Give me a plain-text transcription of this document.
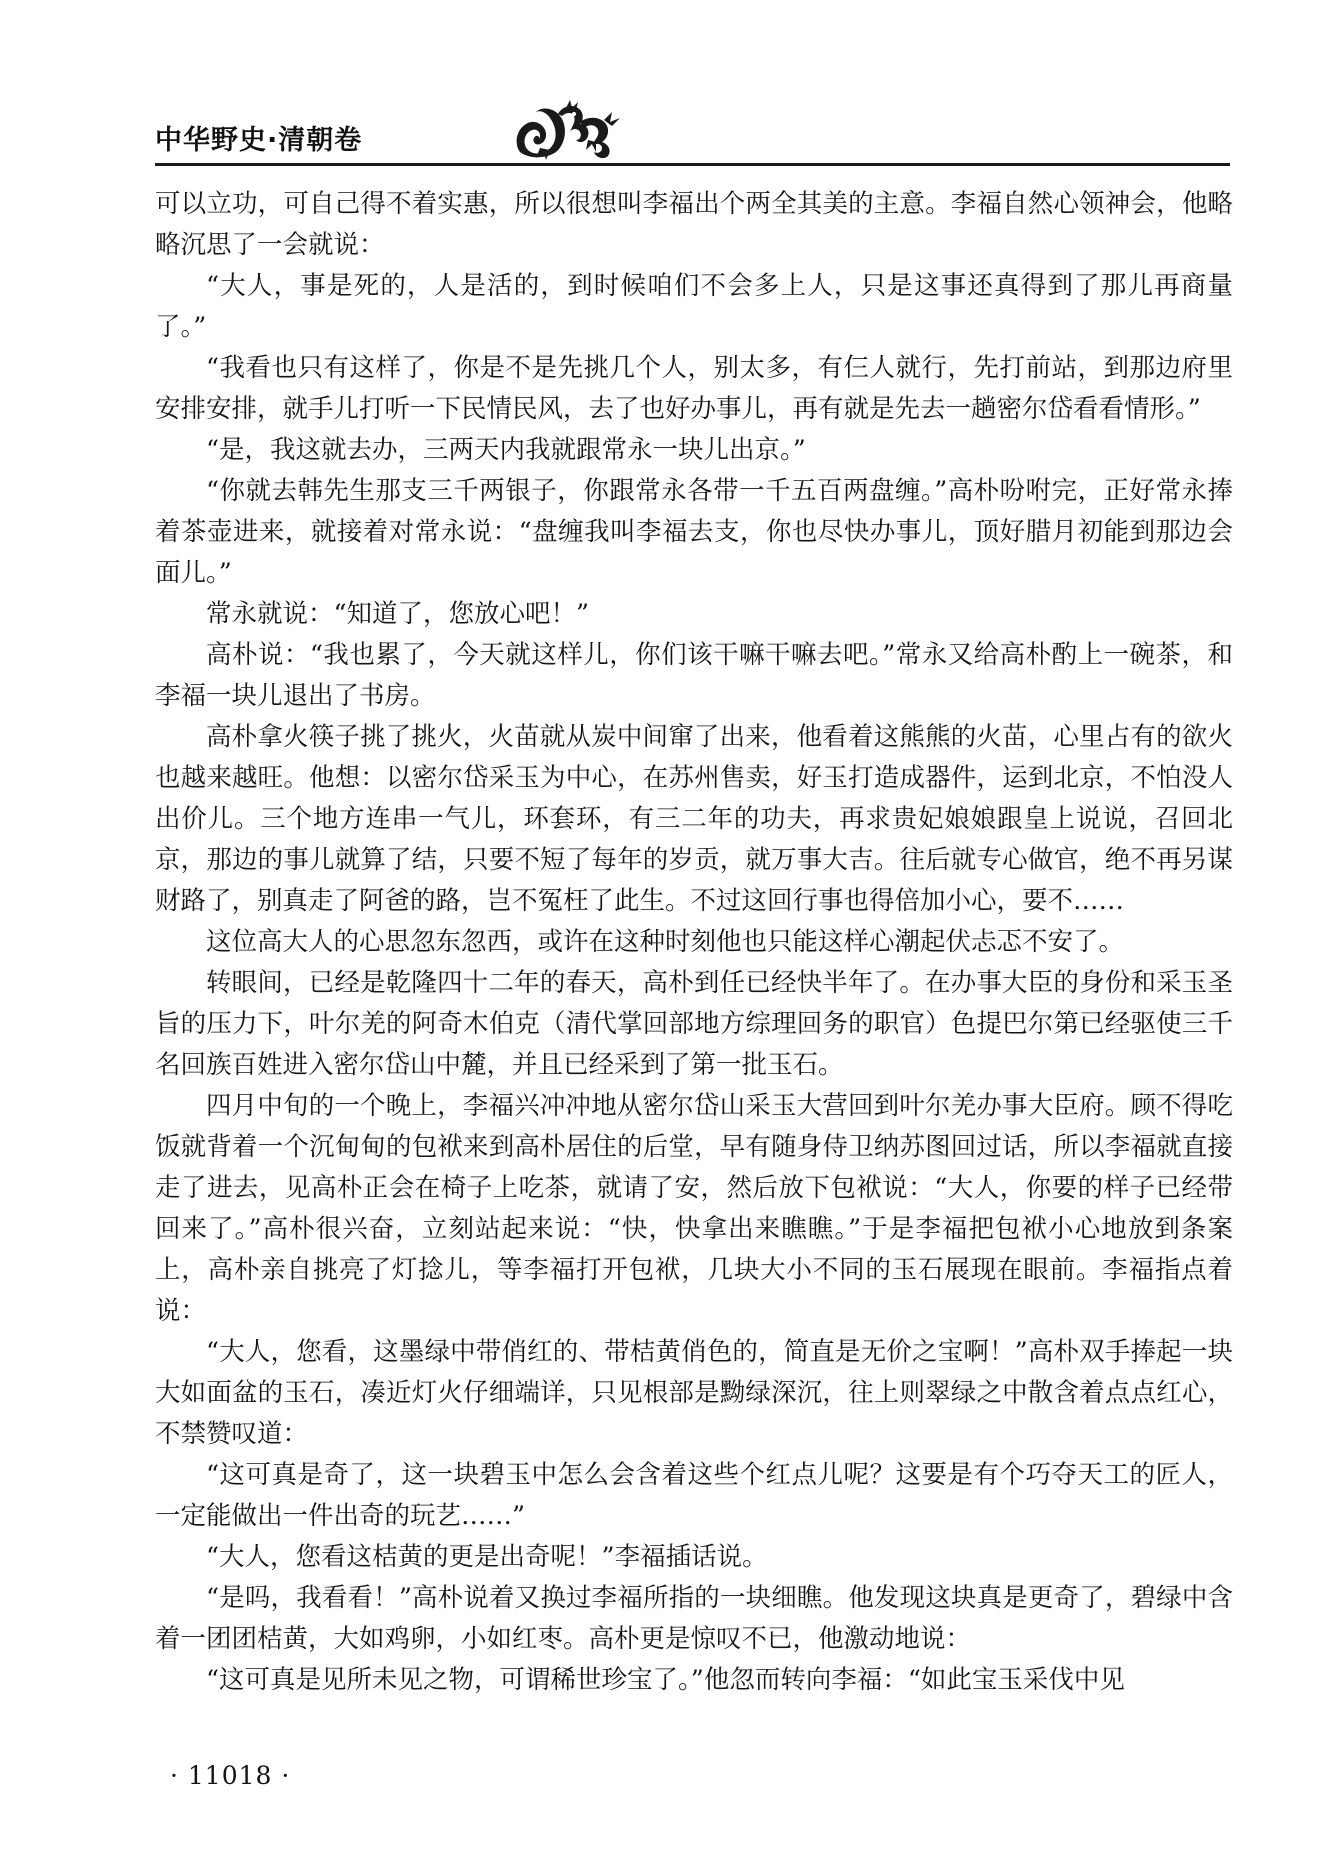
中华野史·清朝卷

可以立功，可自己得不着实惠，所以很想叫李福出个两全其美的主意。李福自然心领神会，他略略沉思了一会就说：

“大人，事是死的，人是活的，到时候咱们不会多上人，只是这事还真得到了那儿再商量了。”

“我看也只有这样了，你是不是先挑几个人，别太多，有仨人就行，先打前站，到那边府里安排安排，就手儿打听一下民情民风，去了也好办事儿，再有就是先去一趟密尔岱看看情形。”

“是，我这就去办，三两天内我就跟常永一块儿出京。”

“你就去韩先生那支三千两银子，你跟常永各带一千五百两盘缠。”高朴吩咐完，正好常永捧着茶壶进来，就接着对常永说：“盘缠我叫李福去支，你也尽快办事儿，顶好腊月初能到那边会面儿。”

常永就说：“知道了，您放心吧！”

高朴说：“我也累了，今天就这样儿，你们该干嘛干嘛去吧。”常永又给高朴酌上一碗茶，和李福一块儿退出了书房。

高朴拿火筷子挑了挑火，火苗就从炭中间窜了出来，他看着这熊熊的火苗，心里占有的欲火也越来越旺。他想：以密尔岱采玉为中心，在苏州售卖，好玉打造成器件，运到北京，不怕没人出价儿。三个地方连串一气儿，环套环，有三二年的功夫，再求贵妃娘娘跟皇上说说，召回北京，那边的事儿就算了结，只要不短了每年的岁贡，就万事大吉。往后就专心做官，绝不再另谋财路了，别真走了阿爸的路，岂不冤枉了此生。不过这回行事也得倍加小心，要不……

这位高大人的心思忽东忽西，或许在这种时刻他也只能这样心潮起伏忐忑不安了。

转眼间，已经是乾隆四十二年的春天，高朴到任已经快半年了。在办事大臣的身份和采玉圣旨的压力下，叶尔羌的阿奇木伯克（清代掌回部地方综理回务的职官）色提巴尔第已经驱使三千名回族百姓进入密尔岱山中麓，并且已经采到了第一批玉石。

四月中旬的一个晚上，李福兴冲冲地从密尔岱山采玉大营回到叶尔羌办事大臣府。顾不得吃饭就背着一个沉甸甸的包袱来到高朴居住的后堂，早有随身侍卫纳苏图回过话，所以李福就直接走了进去，见高朴正会在椅子上吃茶，就请了安，然后放下包袱说：“大人，你要的样子已经带回来了。”高朴很兴奋，立刻站起来说：“快，快拿出来瞧瞧。”于是李福把包袱小心地放到条案上，高朴亲自挑亮了灯捻儿，等李福打开包袱，几块大小不同的玉石展现在眼前。李福指点着说：

“大人，您看，这墨绿中带俏红的、带桔黄俏色的，简直是无价之宝啊！”高朴双手捧起一块大如面盆的玉石，凑近灯火仔细端详，只见根部是黝绿深沉，往上则翠绿之中散含着点点红心，不禁赞叹道：

“这可真是奇了，这一块碧玉中怎么会含着这些个红点儿呢？这要是有个巧夺天工的匠人，一定能做出一件出奇的玩艺……”

“大人，您看这桔黄的更是出奇呢！”李福插话说。

“是吗，我看看！”高朴说着又换过李福所指的一块细瞧。他发现这块真是更奇了，碧绿中含着一团团桔黄，大如鸡卵，小如红枣。高朴更是惊叹不已，他激动地说：

“这可真是见所未见之物，可谓稀世珍宝了。”他忽而转向李福：“如此宝玉采伐中见

· 11018 ·
